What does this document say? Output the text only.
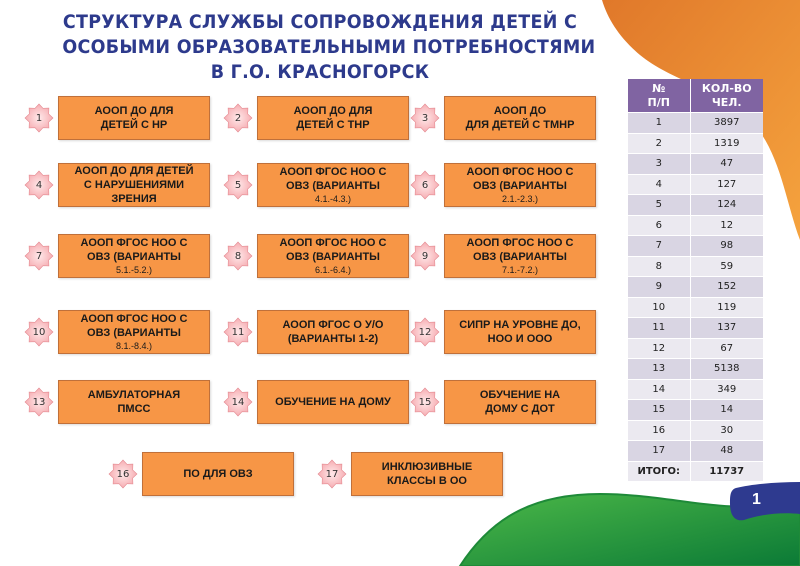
1
СТРУКТУРА СЛУЖБЫ СОПРОВОЖДЕНИЯ ДЕТЕЙ С
ОСОБЫМИ ОБРАЗОВАТЕЛЬНЫМИ ПОТРЕБНОСТЯМИ
В Г.О. КРАСНОГОРСК
1
АООП ДО ДЛЯ
ДЕТЕЙ С НР
2
АООП ДО ДЛЯ
ДЕТЕЙ С ТНР
3
АООП ДО
ДЛЯ ДЕТЕЙ С ТМНР
4
АООП ДО ДЛЯ ДЕТЕЙ
С НАРУШЕНИЯМИ
ЗРЕНИЯ
5
АООП ФГОС НОО С
ОВЗ (ВАРИАНТЫ
4.1.-4.3.)
6
АООП ФГОС НОО С
ОВЗ (ВАРИАНТЫ
2.1.-2.3.)
7
АООП ФГОС НОО С
ОВЗ (ВАРИАНТЫ
5.1.-5.2.)
8
АООП ФГОС НОО С
ОВЗ (ВАРИАНТЫ
6.1.-6.4.)
9
АООП ФГОС НОО С
ОВЗ (ВАРИАНТЫ
7.1.-7.2.)
10
АООП ФГОС НОО С
ОВЗ (ВАРИАНТЫ
8.1.-8.4.)
11
АООП ФГОС О У/О
(ВАРИАНТЫ 1-2)
12
СИПР НА УРОВНЕ ДО,
НОО И ООО
13
АМБУЛАТОРНАЯ
ПМСС
14	ОБУЧЕНИЕ НА ДОМУ	15
ОБУЧЕНИЕ НА
ДОМУ С ДОТ
16	ПО ДЛЯ ОВЗ	17
ИНКЛЮЗИВНЫЕ
КЛАССЫ В ОО
№
П/П

КОЛ-ВО
ЧЕЛ.

1	3897
2	1319
3	47
4	127
5	124
6	12
7	98
8	59
9	152
10	119
11	137
12	67
13	5138
14	349
15	14
16	30
17	48
ИТОГО:	11737
